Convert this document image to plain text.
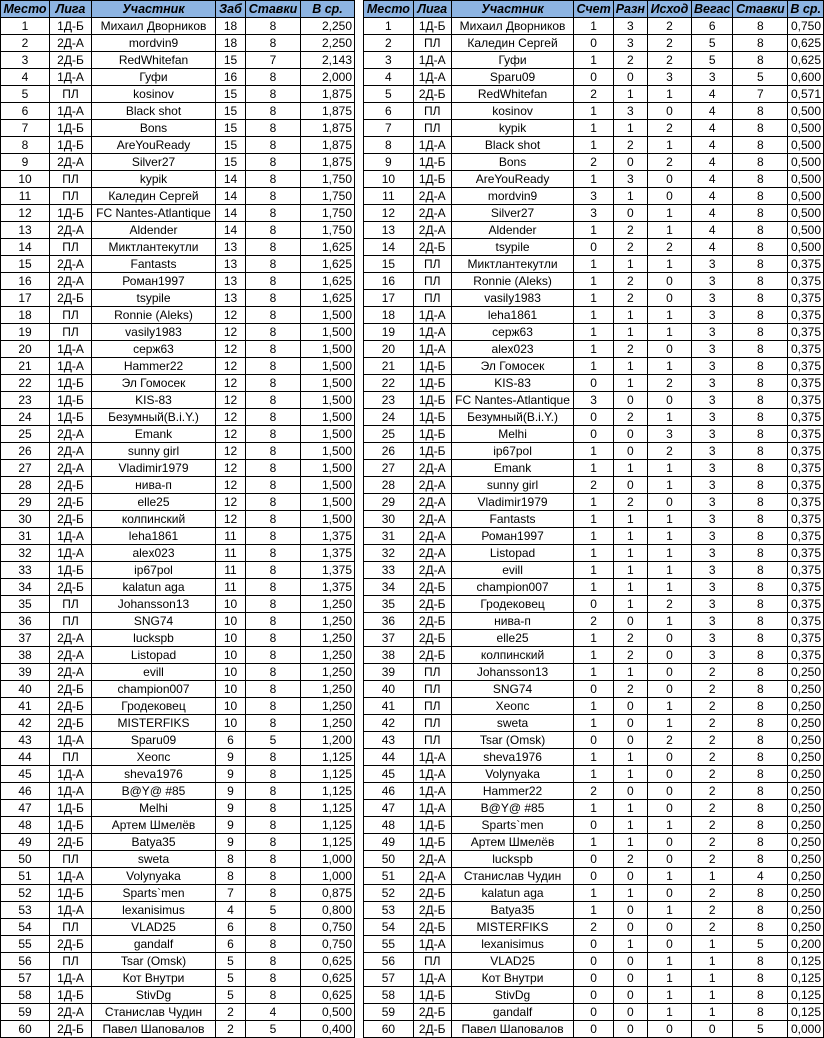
Место	Лига	Участник	Заб	Ставки	В ср.
1	1Д-Б	Михаил Дворников	18	8	2,250
2	2Д-А	mordvin9	18	8	2,250
3	2Д-Б	RedWhitefan	15	7	2,143
4	1Д-А	Гуфи	16	8	2,000
5	ПЛ	kosinov	15	8	1,875
6	1Д-А	Black shot	15	8	1,875
7	1Д-Б	Bons	15	8	1,875
8	1Д-Б	AreYouReady	15	8	1,875
9	2Д-А	Silver27	15	8	1,875
10	ПЛ	kypik	14	8	1,750
11	ПЛ	Каледин Сергей	14	8	1,750
12	1Д-Б	FC Nantes-Atlantique	14	8	1,750
13	2Д-А	Aldender	14	8	1,750
14	ПЛ	Миктлантекутли	13	8	1,625
15	2Д-А	Fantasts	13	8	1,625
16	2Д-А	Роман1997	13	8	1,625
17	2Д-Б	tsypile	13	8	1,625
18	ПЛ	Ronnie (Aleks)	12	8	1,500
19	ПЛ	vasily1983	12	8	1,500
20	1Д-А	серж63	12	8	1,500
21	1Д-А	Hammer22	12	8	1,500
22	1Д-Б	Эл Гомосек	12	8	1,500
23	1Д-Б	KIS-83	12	8	1,500
24	1Д-Б	Безумный(B.i.Y.)	12	8	1,500
25	2Д-А	Emank	12	8	1,500
26	2Д-А	sunny girl	12	8	1,500
27	2Д-А	Vladimir1979	12	8	1,500
28	2Д-Б	нива-п	12	8	1,500
29	2Д-Б	elle25	12	8	1,500
30	2Д-Б	колпинский	12	8	1,500
31	1Д-А	leha1861	11	8	1,375
32	1Д-А	alex023	11	8	1,375
33	1Д-Б	ip67pol	11	8	1,375
34	2Д-Б	kalatun aga	11	8	1,375
35	ПЛ	Johansson13	10	8	1,250
36	ПЛ	SNG74	10	8	1,250
37	2Д-А	luckspb	10	8	1,250
38	2Д-А	Listopad	10	8	1,250
39	2Д-А	evill	10	8	1,250
40	2Д-Б	champion007	10	8	1,250
41	2Д-Б	Гродековец	10	8	1,250
42	2Д-Б	MISTERFIKS	10	8	1,250
43	1Д-А	Sparu09	6	5	1,200
44	ПЛ	Хеопс	9	8	1,125
45	1Д-А	sheva1976	9	8	1,125
46	1Д-А	B@Y@ #85	9	8	1,125
47	1Д-Б	Melhi	9	8	1,125
48	1Д-Б	Артем Шмелёв	9	8	1,125
49	2Д-Б	Batya35	9	8	1,125
50	ПЛ	sweta	8	8	1,000
51	1Д-А	Volynyaka	8	8	1,000
52	1Д-Б	Sparts`men	7	8	0,875
53	1Д-А	lexanisimus	4	5	0,800
54	ПЛ	VLAD25	6	8	0,750
55	2Д-Б	gandalf	6	8	0,750
56	ПЛ	Tsar (Omsk)	5	8	0,625
57	1Д-А	Кот Внутри	5	8	0,625
58	1Д-Б	StivDg	5	8	0,625
59	2Д-А	Станислав Чудин	2	4	0,500
60	2Д-Б	Павел Шаповалов	2	5	0,400
Место	Лига	Участник	Счет	Разн	Исход	Вегас	Ставки	В ср.
1	1Д-Б	Михаил Дворников	1	3	2	6	8	0,750
2	ПЛ	Каледин Сергей	0	3	2	5	8	0,625
3	1Д-А	Гуфи	1	2	2	5	8	0,625
4	1Д-А	Sparu09	0	0	3	3	5	0,600
5	2Д-Б	RedWhitefan	2	1	1	4	7	0,571
6	ПЛ	kosinov	1	3	0	4	8	0,500
7	ПЛ	kypik	1	1	2	4	8	0,500
8	1Д-А	Black shot	1	2	1	4	8	0,500
9	1Д-Б	Bons	2	0	2	4	8	0,500
10	1Д-Б	AreYouReady	1	3	0	4	8	0,500
11	2Д-А	mordvin9	3	1	0	4	8	0,500
12	2Д-А	Silver27	3	0	1	4	8	0,500
13	2Д-А	Aldender	1	2	1	4	8	0,500
14	2Д-Б	tsypile	0	2	2	4	8	0,500
15	ПЛ	Миктлантекутли	1	1	1	3	8	0,375
16	ПЛ	Ronnie (Aleks)	1	2	0	3	8	0,375
17	ПЛ	vasily1983	1	2	0	3	8	0,375
18	1Д-А	leha1861	1	1	1	3	8	0,375
19	1Д-А	серж63	1	1	1	3	8	0,375
20	1Д-А	alex023	1	2	0	3	8	0,375
21	1Д-Б	Эл Гомосек	1	1	1	3	8	0,375
22	1Д-Б	KIS-83	0	1	2	3	8	0,375
23	1Д-Б	FC Nantes-Atlantique	3	0	0	3	8	0,375
24	1Д-Б	Безумный(B.i.Y.)	0	2	1	3	8	0,375
25	1Д-Б	Melhi	0	0	3	3	8	0,375
26	1Д-Б	ip67pol	1	0	2	3	8	0,375
27	2Д-А	Emank	1	1	1	3	8	0,375
28	2Д-А	sunny girl	2	0	1	3	8	0,375
29	2Д-А	Vladimir1979	1	2	0	3	8	0,375
30	2Д-А	Fantasts	1	1	1	3	8	0,375
31	2Д-А	Роман1997	1	1	1	3	8	0,375
32	2Д-А	Listopad	1	1	1	3	8	0,375
33	2Д-А	evill	1	1	1	3	8	0,375
34	2Д-Б	champion007	1	1	1	3	8	0,375
35	2Д-Б	Гродековец	0	1	2	3	8	0,375
36	2Д-Б	нива-п	2	0	1	3	8	0,375
37	2Д-Б	elle25	1	2	0	3	8	0,375
38	2Д-Б	колпинский	1	2	0	3	8	0,375
39	ПЛ	Johansson13	1	1	0	2	8	0,250
40	ПЛ	SNG74	0	2	0	2	8	0,250
41	ПЛ	Хеопс	1	0	1	2	8	0,250
42	ПЛ	sweta	1	0	1	2	8	0,250
43	ПЛ	Tsar (Omsk)	0	0	2	2	8	0,250
44	1Д-А	sheva1976	1	1	0	2	8	0,250
45	1Д-А	Volynyaka	1	1	0	2	8	0,250
46	1Д-А	Hammer22	2	0	0	2	8	0,250
47	1Д-А	B@Y@ #85	1	1	0	2	8	0,250
48	1Д-Б	Sparts`men	0	1	1	2	8	0,250
49	1Д-Б	Артем Шмелёв	1	1	0	2	8	0,250
50	2Д-А	luckspb	0	2	0	2	8	0,250
51	2Д-А	Станислав Чудин	0	0	1	1	4	0,250
52	2Д-Б	kalatun aga	1	1	0	2	8	0,250
53	2Д-Б	Batya35	1	0	1	2	8	0,250
54	2Д-Б	MISTERFIKS	2	0	0	2	8	0,250
55	1Д-А	lexanisimus	0	1	0	1	5	0,200
56	ПЛ	VLAD25	0	0	1	1	8	0,125
57	1Д-А	Кот Внутри	0	0	1	1	8	0,125
58	1Д-Б	StivDg	0	0	1	1	8	0,125
59	2Д-Б	gandalf	0	0	1	1	8	0,125
60	2Д-Б	Павел Шаповалов	0	0	0	0	5	0,000
